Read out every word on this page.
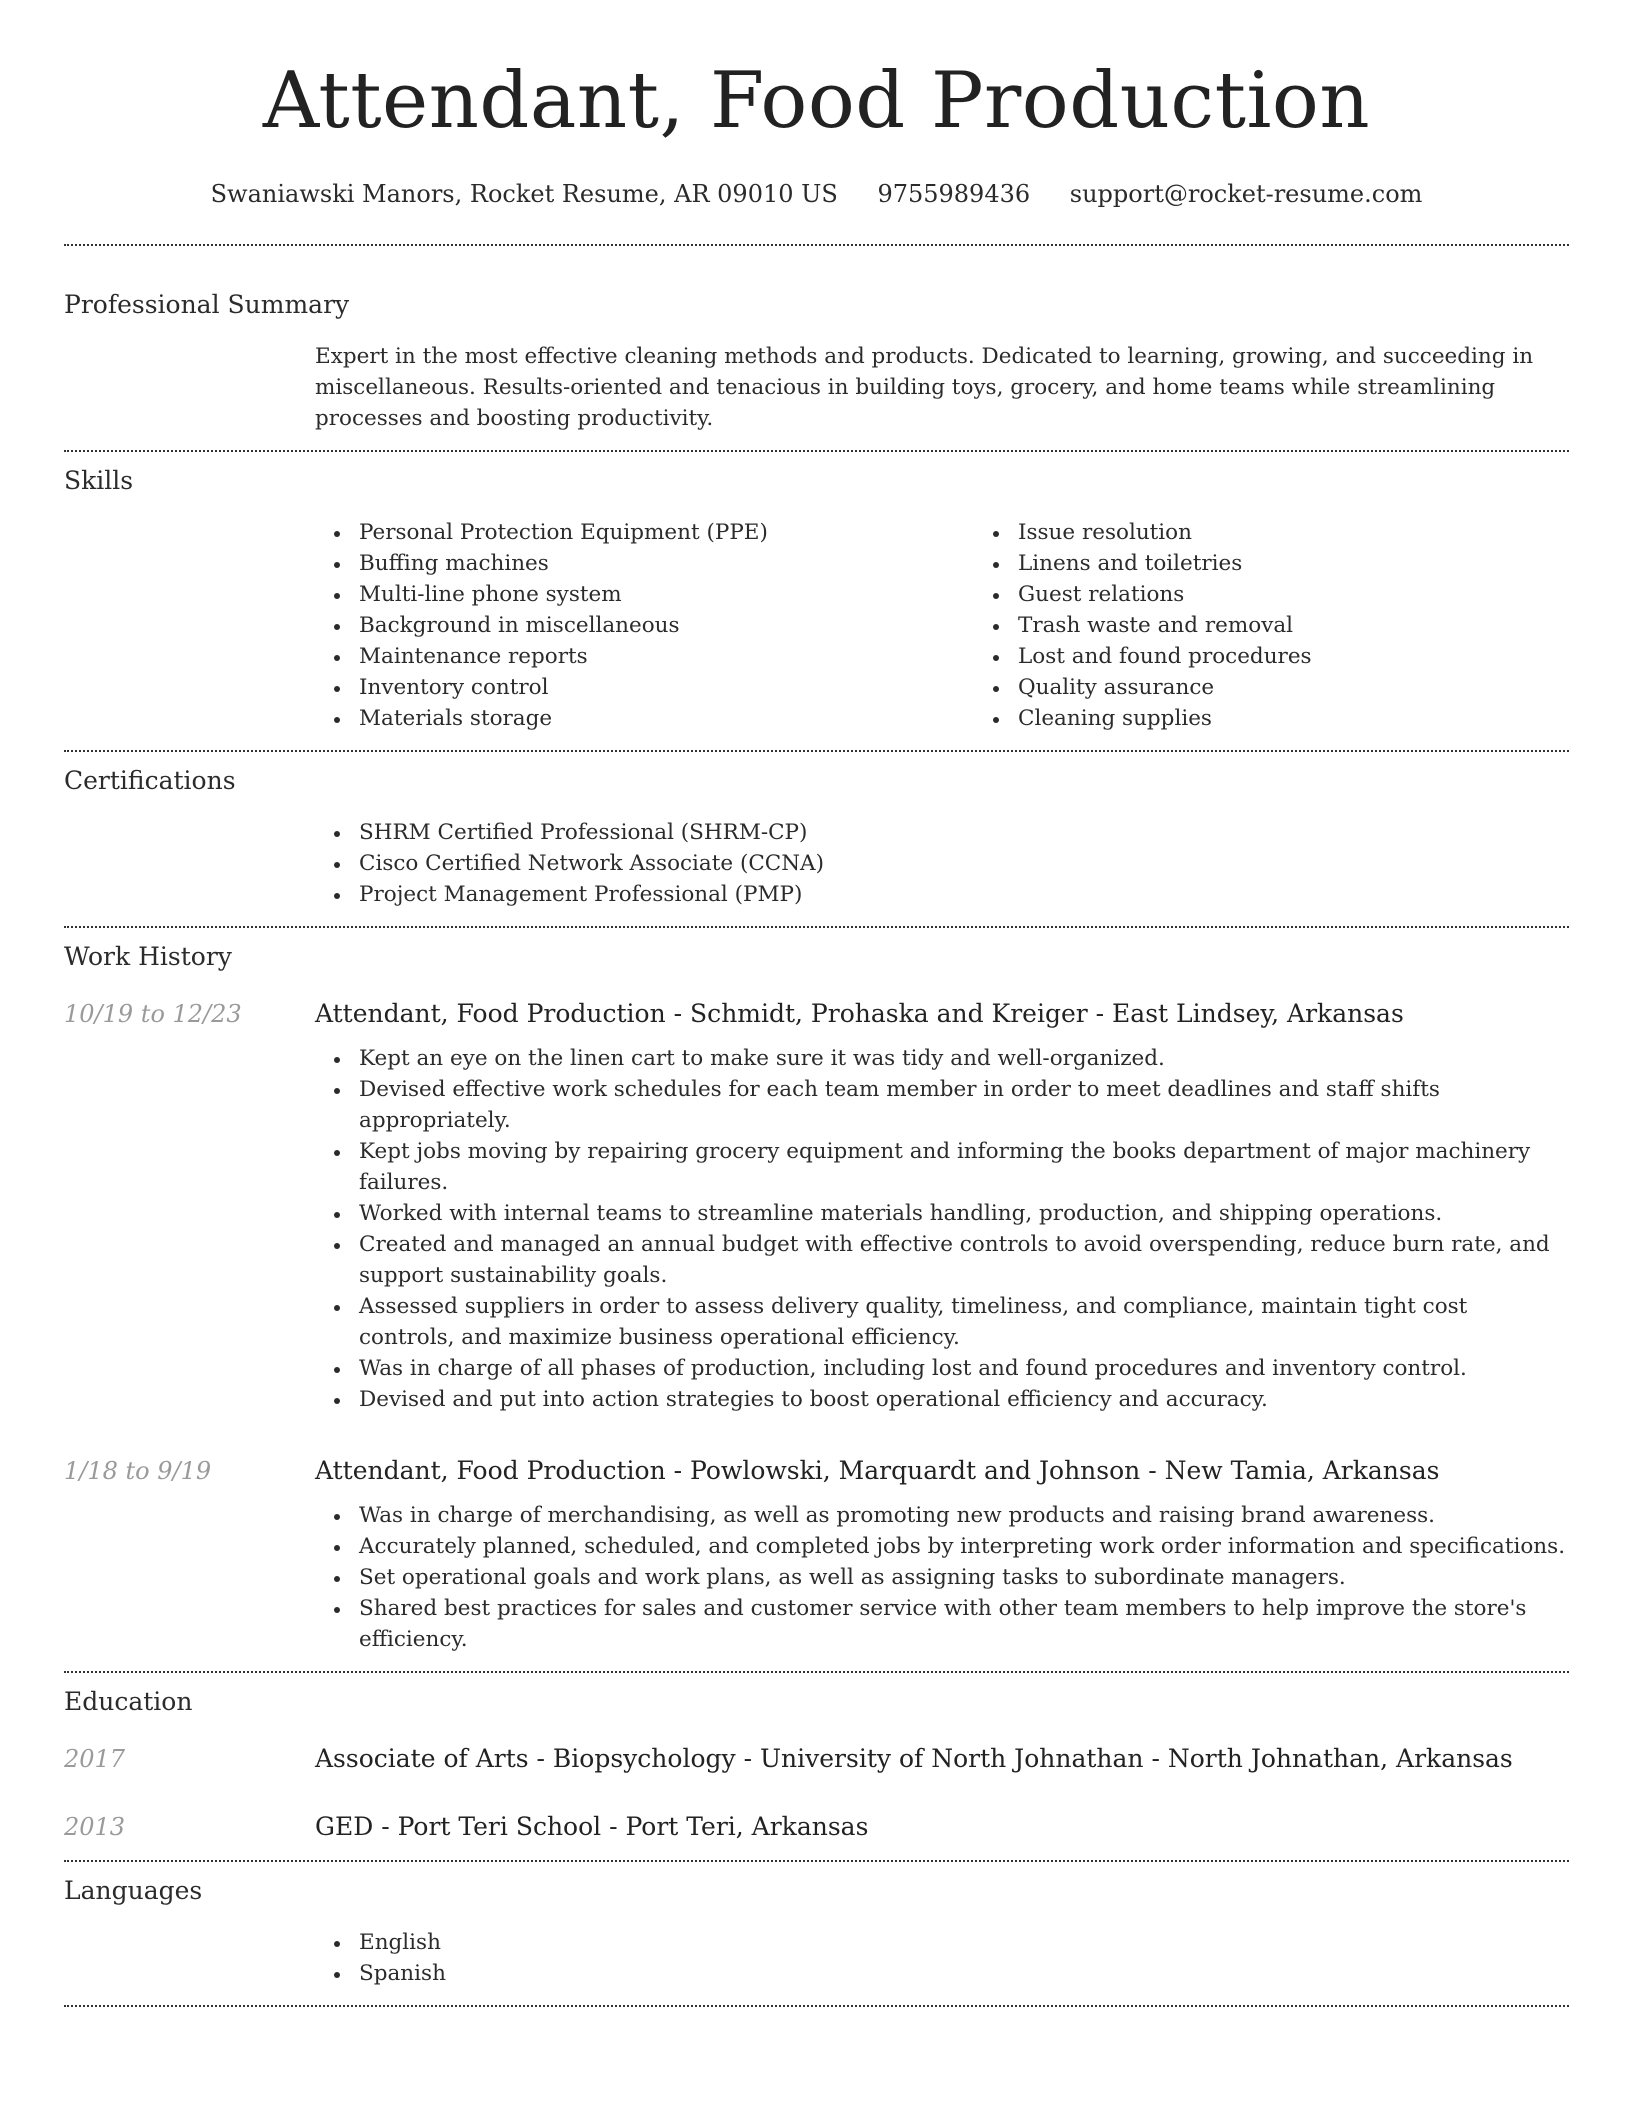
Attendant, Food Production
Swaniawski Manors, Rocket Resume, AR 09010 US 9755989436 support@rocket-resume.com
Professional Summary
Expert in the most effective cleaning methods and products. Dedicated to learning, growing, and succeeding in miscellaneous. Results-oriented and tenacious in building toys, grocery, and home teams while streamlining processes and boosting productivity.
Skills
Personal Protection Equipment (PPE)
Buffing machines
Multi-line phone system
Background in miscellaneous
Maintenance reports
Inventory control
Materials storage
Issue resolution
Linens and toiletries
Guest relations
Trash waste and removal
Lost and found procedures
Quality assurance
Cleaning supplies
Certifications
SHRM Certified Professional (SHRM-CP)
Cisco Certified Network Associate (CCNA)
Project Management Professional (PMP)
Work History
10/19 to 12/23	Attendant, Food Production - Schmidt, Prohaska and Kreiger - East Lindsey, Arkansas
Kept an eye on the linen cart to make sure it was tidy and well-organized.
Devised effective work schedules for each team member in order to meet deadlines and staff shifts appropriately.
Kept jobs moving by repairing grocery equipment and informing the books department of major machinery failures.
Worked with internal teams to streamline materials handling, production, and shipping operations.
Created and managed an annual budget with effective controls to avoid overspending, reduce burn rate, and support sustainability goals.
Assessed suppliers in order to assess delivery quality, timeliness, and compliance, maintain tight cost controls, and maximize business operational efficiency.
Was in charge of all phases of production, including lost and found procedures and inventory control.
Devised and put into action strategies to boost operational efficiency and accuracy.
1/18 to 9/19	Attendant, Food Production - Powlowski, Marquardt and Johnson - New Tamia, Arkansas
Was in charge of merchandising, as well as promoting new products and raising brand awareness.
Accurately planned, scheduled, and completed jobs by interpreting work order information and specifications.
Set operational goals and work plans, as well as assigning tasks to subordinate managers.
Shared best practices for sales and customer service with other team members to help improve the store's efficiency.
Education
2017	Associate of Arts - Biopsychology - University of North Johnathan - North Johnathan, Arkansas
2013	GED - Port Teri School - Port Teri, Arkansas
Languages
English
Spanish
